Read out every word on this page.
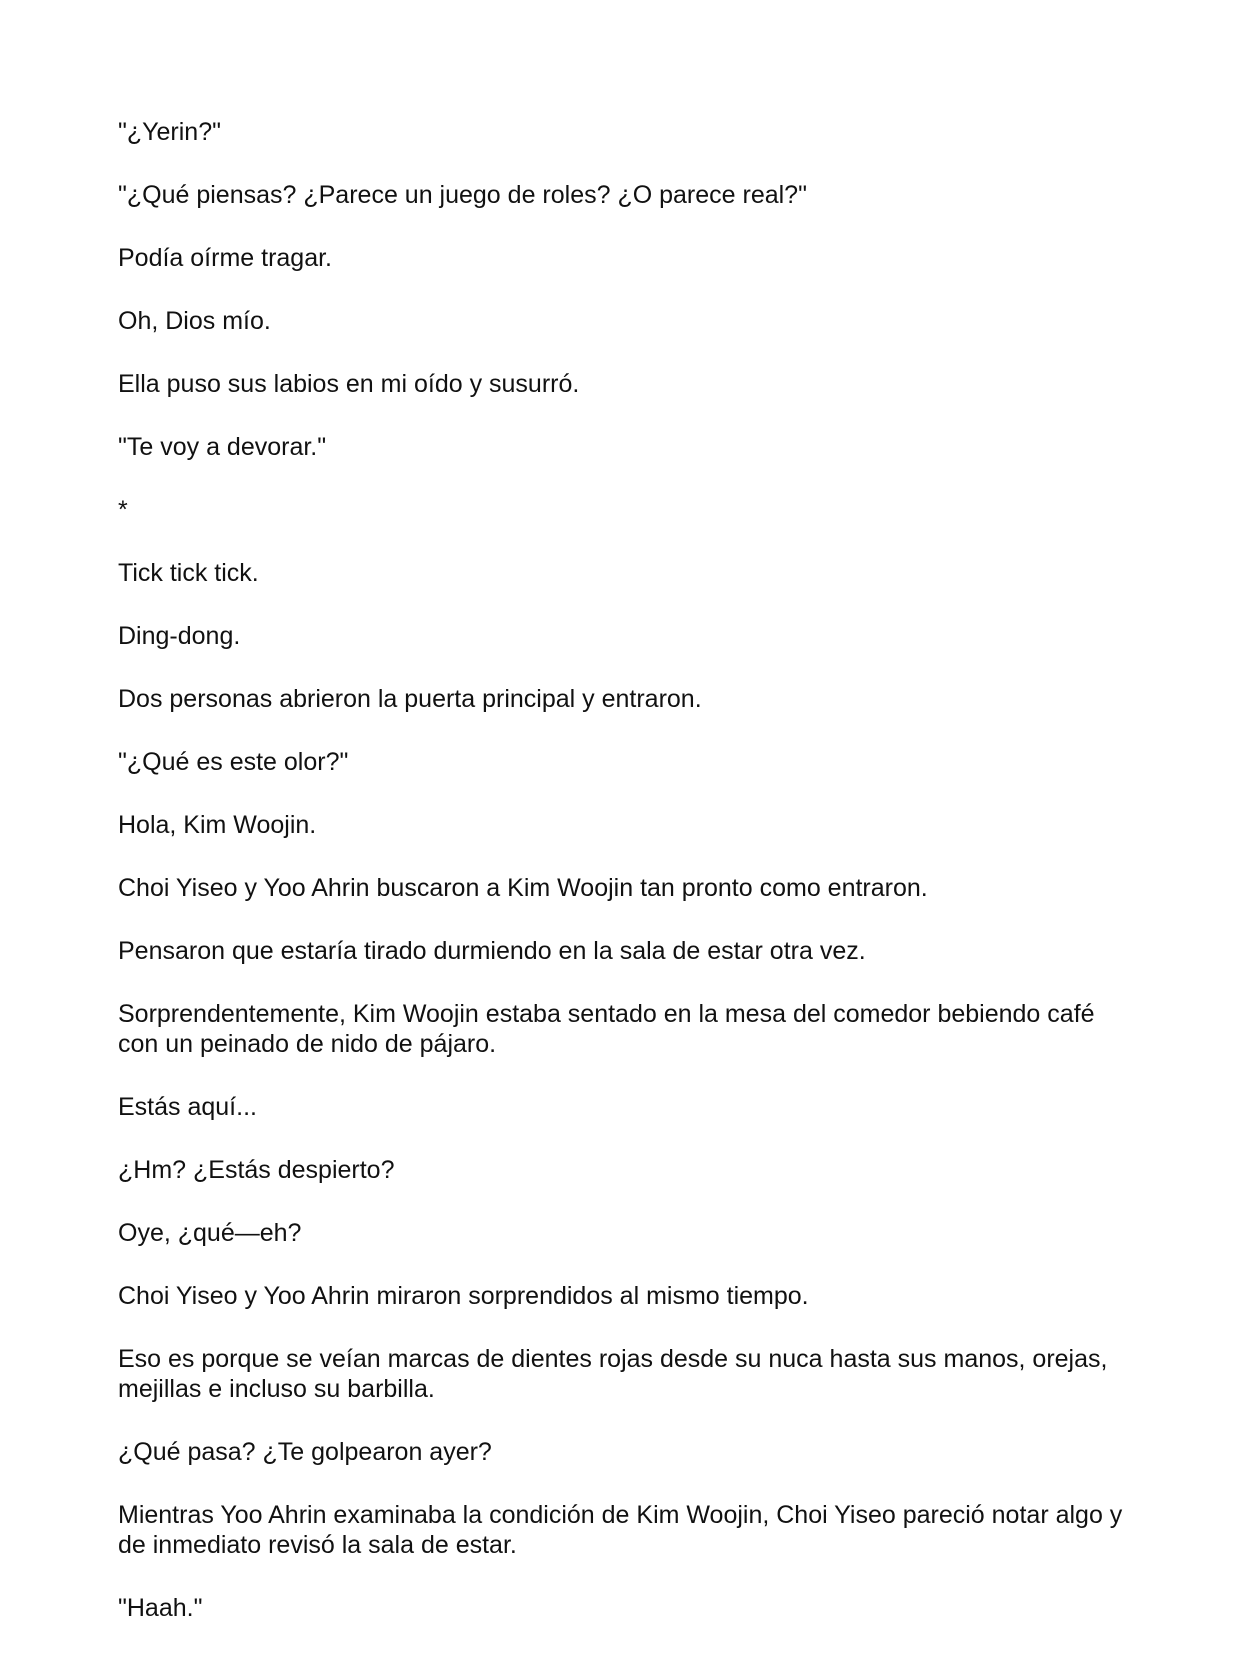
"¿Yerin?"

"¿Qué piensas? ¿Parece un juego de roles? ¿O parece real?"

Podía oírme tragar.

Oh, Dios mío.

Ella puso sus labios en mi oído y susurró.

"Te voy a devorar."

*

Tick tick tick.

Ding-dong.

Dos personas abrieron la puerta principal y entraron.

"¿Qué es este olor?"

Hola, Kim Woojin.

Choi Yiseo y Yoo Ahrin buscaron a Kim Woojin tan pronto como entraron.

Pensaron que estaría tirado durmiendo en la sala de estar otra vez.

Sorprendentemente, Kim Woojin estaba sentado en la mesa del comedor bebiendo café con un peinado de nido de pájaro.

Estás aquí...

¿Hm? ¿Estás despierto?

Oye, ¿qué—eh?

Choi Yiseo y Yoo Ahrin miraron sorprendidos al mismo tiempo.

Eso es porque se veían marcas de dientes rojas desde su nuca hasta sus manos, orejas, mejillas e incluso su barbilla.

¿Qué pasa? ¿Te golpearon ayer?

Mientras Yoo Ahrin examinaba la condición de Kim Woojin, Choi Yiseo pareció notar algo y de inmediato revisó la sala de estar.

"Haah."
